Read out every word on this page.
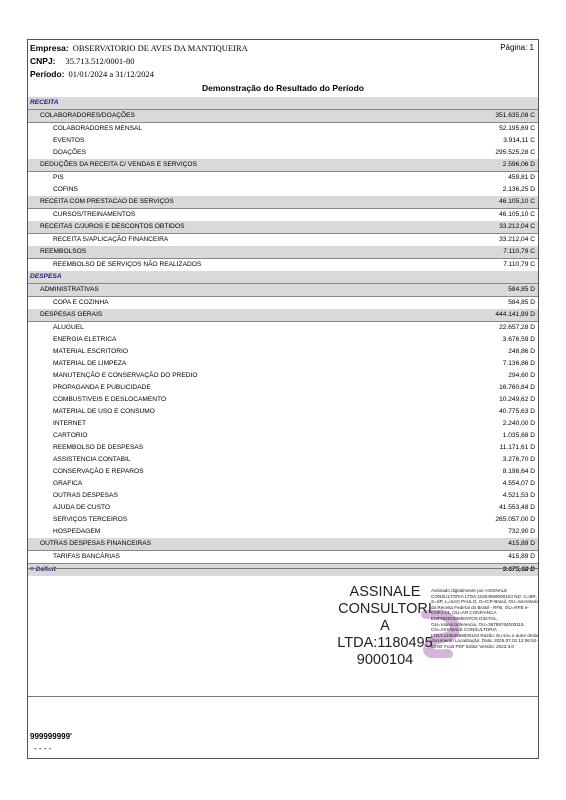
Empresa: OBSERVATORIO DE AVES DA MANTIQUEIRA
CNPJ: 35.713.512/0001-80
Período: 01/01/2024 a 31/12/2024
Página: 1
Demonstração do Resultado do Período
RECEITA
COLABORADORES/DOAÇÕES	351.635,08 C
COLABORADORES MENSAL	52.195,69 C
EVENTOS	3.914,11 C
DOAÇÕES	295.525,28 C
DEDUÇÕES DA RECEITA C/ VENDAS E SERVIÇOS	2.596,06 D
PIS	459,81 D
COFINS	2.136,25 D
RECEITA COM PRESTACAO DE SERVIÇOS	46.105,10 C
CURSOS/TREINAMENTOS	46.105,10 C
RECEITAS C/JUROS E DESCONTOS OBTIDOS	33.212,04 C
RECEITA S/APLICAÇÃO FINANCEIRA	33.212,04 C
REEMBOLSOS	7.110,79 C
REEMBOLSO DE SERVIÇOS NÃO REALIZADOS	7.110,79 C
DESPESA
ADMINISTRATIVAS	584,85 D
COPA E COZINHA	584,85 D
DESPESAS GERAIS	444.141,89 D
ALUGUEL	22.657,28 D
ENERGIA ELETRICA	3.676,59 D
MATERIAL ESCRITORIO	248,86 D
MATERIAL DE LIMPEZA	7.136,86 D
MANUTENÇÃO E CONSERVAÇÃO DO PREDIO	294,60 D
PROPAGANDA E PUBLICIDADE	16.760,84 D
COMBUSTIVEIS E DESLOCAMENTO	10.249,62 D
MATERIAL DE USO E CONSUMO	40.775,63 D
INTERNET	2.240,00 D
CARTORIO	1.035,68 D
REEMBOLSO DE DESPESAS	11.171,61 D
ASSISTENCIA CONTABIL	3.276,70 D
CONSERVAÇÃO E REPAROS	8.198,64 D
GRAFICA	4.554,07 D
OUTRAS DESPESAS	4.521,53 D
AJUDA DE CUSTO	41.553,48 D
SERVIÇOS TERCEIROS	265.057,00 D
HOSPEDAGEM	732,90 D
OUTRAS DESPESAS FINANCEIRAS	415,89 D
TARIFAS BANCÁRIAS	415,89 D
= Déficit	9.675,68 D
ASSINALE
CONSULTORI
A
LTDA:1180495
9000104
Assinado digitalmente por ASSINALE CONSULTORIA LTDA:11804959000104 ND: C=BR, S=SP, L=SAO PAULO, O=ICP-Brasil, OU=Secretaria da Receita Federal do Brasil - RFB, OU=RFB e-CNPJ A1, OU=AR CONFIANCA EMPREENDIMENTOS DIGITAL, OU=Videoconferencia, OU=36789764000115, CN=ASSINALE CONSULTORIA LTDA:11804959000104 Razão: Eu sou o autor deste documento Localização: Data: 2025.07.02 12:06:52-03'00' Foxit PDF Editor Versão: 2023.3.0
999999999'
- - - -
